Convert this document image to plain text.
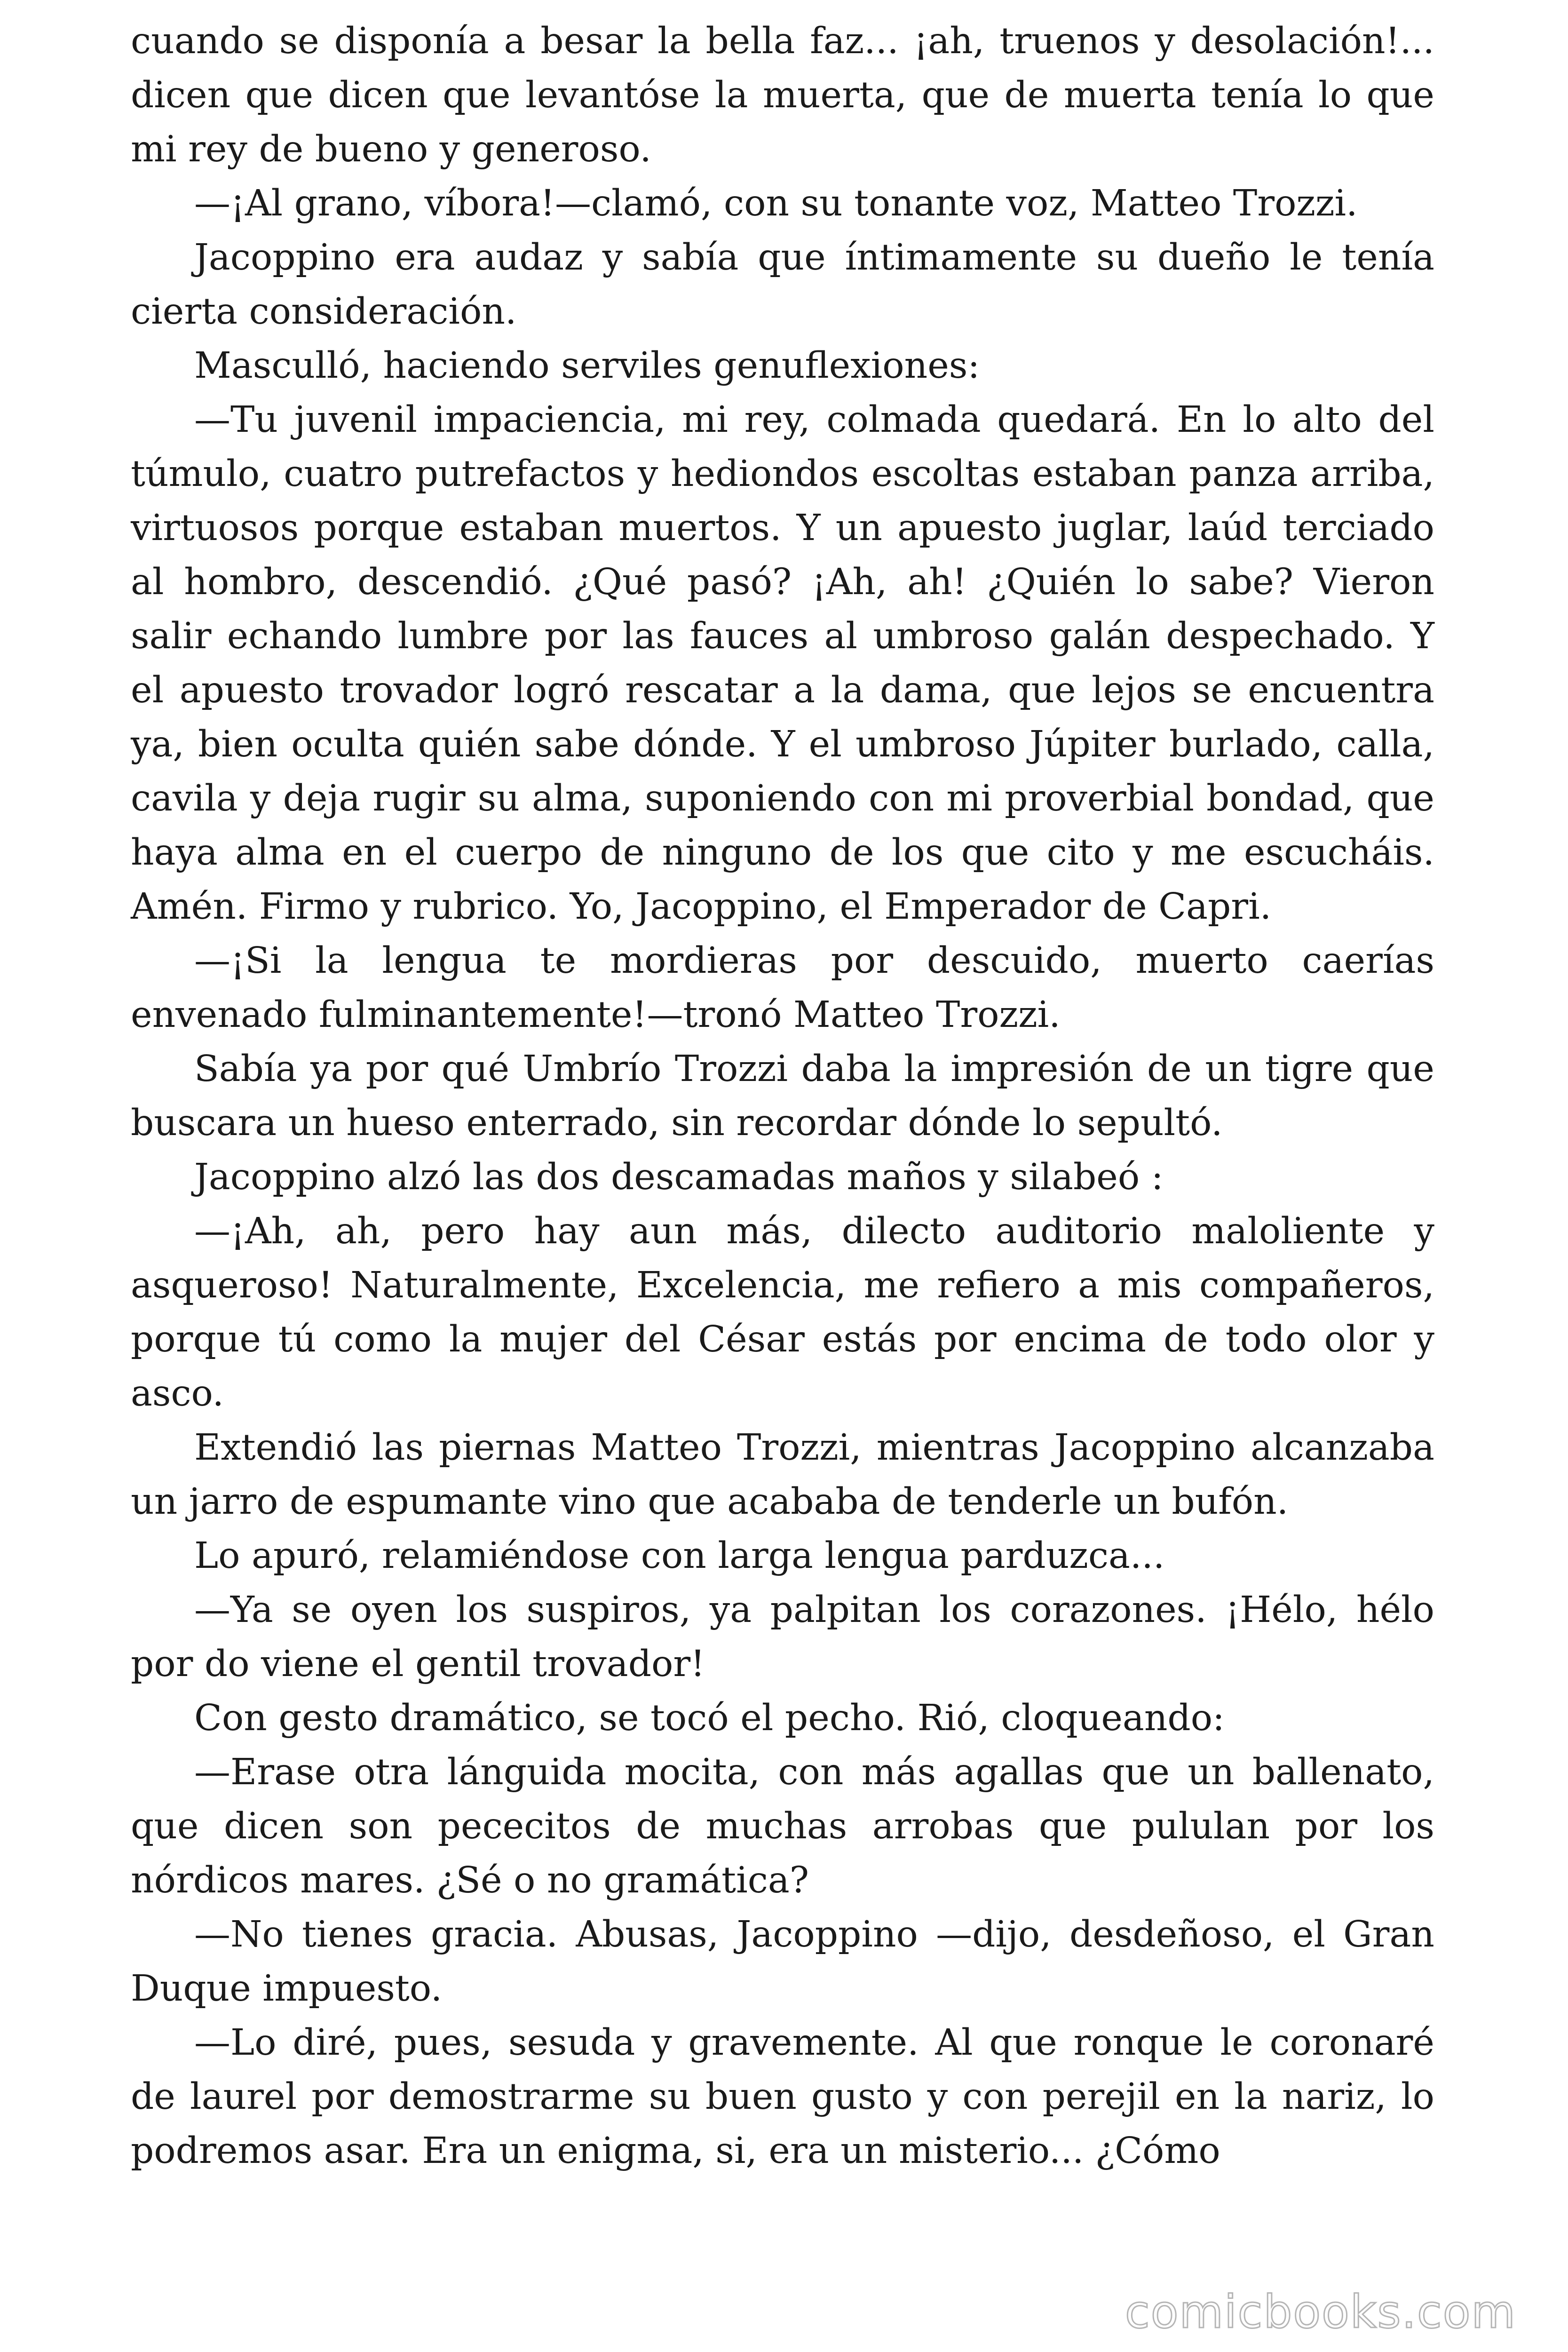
cuando se disponía a besar la bella faz... ¡ah, truenos y desolación!... dicen que dicen que levantóse la muerta, que de muerta tenía lo que mi rey de bueno y generoso.

—¡Al grano, víbora!—clamó, con su tonante voz, Matteo Trozzi.

Jacoppino era audaz y sabía que íntimamente su dueño le tenía cierta consideración.

Mascullό, haciendo serviles genuflexiones:

—Tu juvenil impaciencia, mi rey, colmada quedará. En lo alto del túmulo, cuatro putrefactos y hediondos escoltas estaban panza arriba, virtuosos porque estaban muertos. Y un apuesto juglar, laúd terciado al hombro, descendió. ¿Qué pasó? ¡Ah, ah! ¿Quién lo sabe? Vieron salir echando lumbre por las fauces al umbroso galán despechado. Y el apuesto trovador logró rescatar a la dama, que lejos se encuentra ya, bien oculta quién sabe dónde. Y el umbroso Júpiter burlado, calla, cavila y deja rugir su alma, suponiendo con mi proverbial bondad, que haya alma en el cuerpo de ninguno de los que cito y me escucháis. Amén. Firmo y rubrico. Yo, Jacoppino, el Emperador de Capri.

—¡Si la lengua te mordieras por descuido, muerto caerías envenado fulminantemente!—tronó Matteo Trozzi.

Sabía ya por qué Umbrío Trozzi daba la impresión de un tigre que buscara un hueso enterrado, sin recordar dónde lo sepultó.

Jacoppino alzó las dos descamadas maños y silabeó :

—¡Ah, ah, pero hay aun más, dilecto auditorio maloliente y asqueroso! Naturalmente, Excelencia, me refiero a mis compañeros, porque tú como la mujer del César estás por encima de todo olor y asco.

Extendió las piernas Matteo Trozzi, mientras Jacoppino alcanzaba un jarro de espumante vino que acababa de tenderle un bufón.

Lo apuró, relamiéndose con larga lengua parduzca...

—Ya se oyen los suspiros, ya palpitan los corazones. ¡Hélo, hélo por do viene el gentil trovador!

Con gesto dramático, se tocó el pecho. Rió, cloqueando:

—Erase otra lánguida mocita, con más agallas que un ballenato, que dicen son pececitos de muchas arrobas que pululan por los nórdicos mares. ¿Sé o no gramática?

—No tienes gracia. Abusas, Jacoppino —dijo, desdeñoso, el Gran Duque impuesto.

—Lo diré, pues, sesuda y gravemente. Al que ronque le coronaré de laurel por demostrarme su buen gusto y con perejil en la nariz, lo podremos asar. Era un enigma, si, era un misterio... ¿Cómo

comicbooks.com
